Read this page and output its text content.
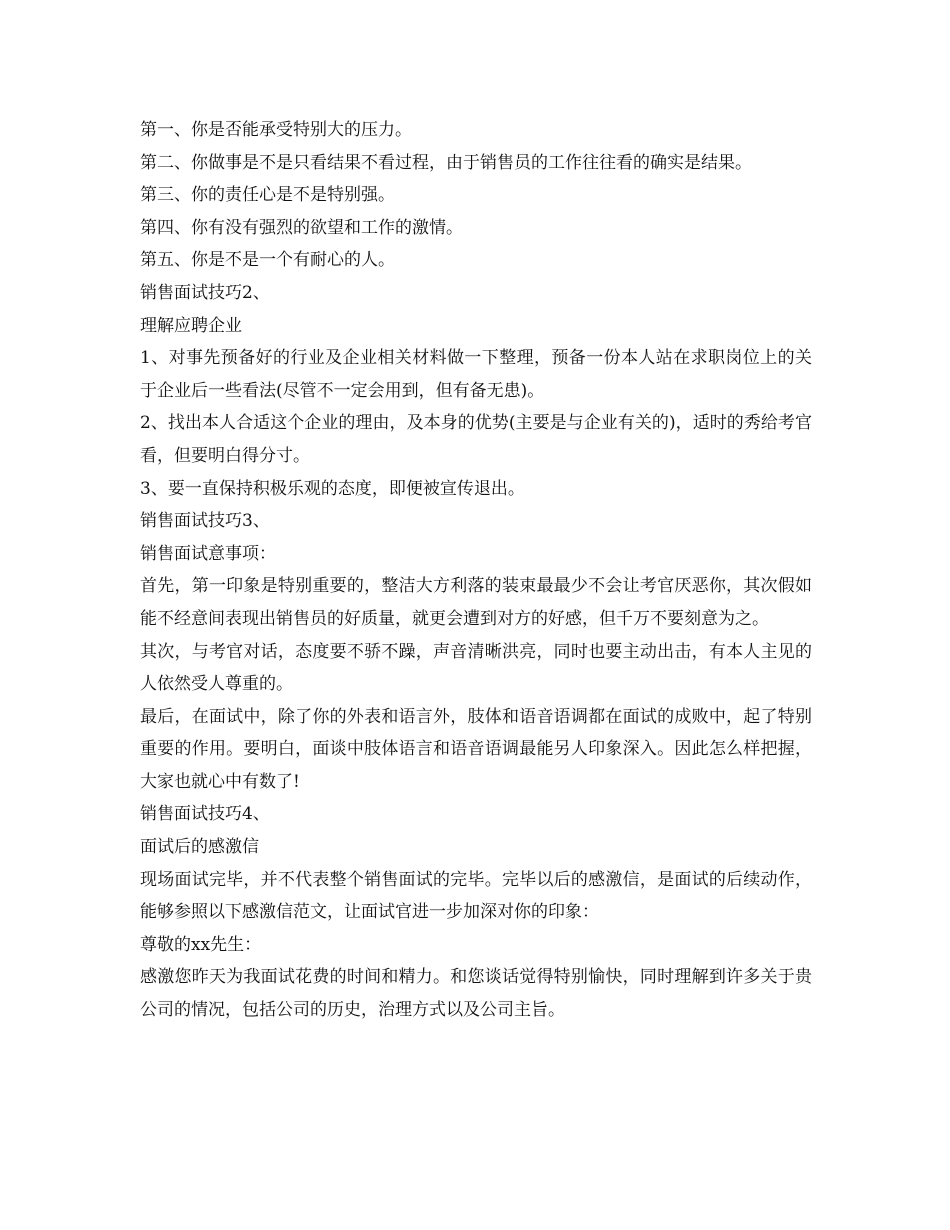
第一、你是否能承受特别大的压力。

第二、你做事是不是只看结果不看过程，由于销售员的工作往往看的确实是结果。

第三、你的责任心是不是特别强。

第四、你有没有强烈的欲望和工作的激情。

第五、你是不是一个有耐心的人。

销售面试技巧2、

理解应聘企业

1、对事先预备好的行业及企业相关材料做一下整理，预备一份本人站在求职岗位上的关于企业后一些看法(尽管不一定会用到，但有备无患)。

2、找出本人合适这个企业的理由，及本身的优势(主要是与企业有关的)，适时的秀给考官看，但要明白得分寸。

3、要一直保持积极乐观的态度，即便被宣传退出。

销售面试技巧3、

销售面试意事项：

首先，第一印象是特别重要的，整洁大方利落的装束最最少不会让考官厌恶你，其次假如能不经意间表现出销售员的好质量，就更会遭到对方的好感，但千万不要刻意为之。

其次，与考官对话，态度要不骄不躁，声音清晰洪亮，同时也要主动出击，有本人主见的人依然受人尊重的。

最后，在面试中，除了你的外表和语言外，肢体和语音语调都在面试的成败中，起了特别重要的作用。要明白，面谈中肢体语言和语音语调最能另人印象深入。因此怎么样把握，大家也就心中有数了!

销售面试技巧4、

面试后的感激信

现场面试完毕，并不代表整个销售面试的完毕。完毕以后的感激信，是面试的后续动作，能够参照以下感激信范文，让面试官进一步加深对你的印象：

尊敬的xx先生：

感激您昨天为我面试花费的时间和精力。和您谈话觉得特别愉快，同时理解到许多关于贵公司的情况，包括公司的历史，治理方式以及公司主旨。
